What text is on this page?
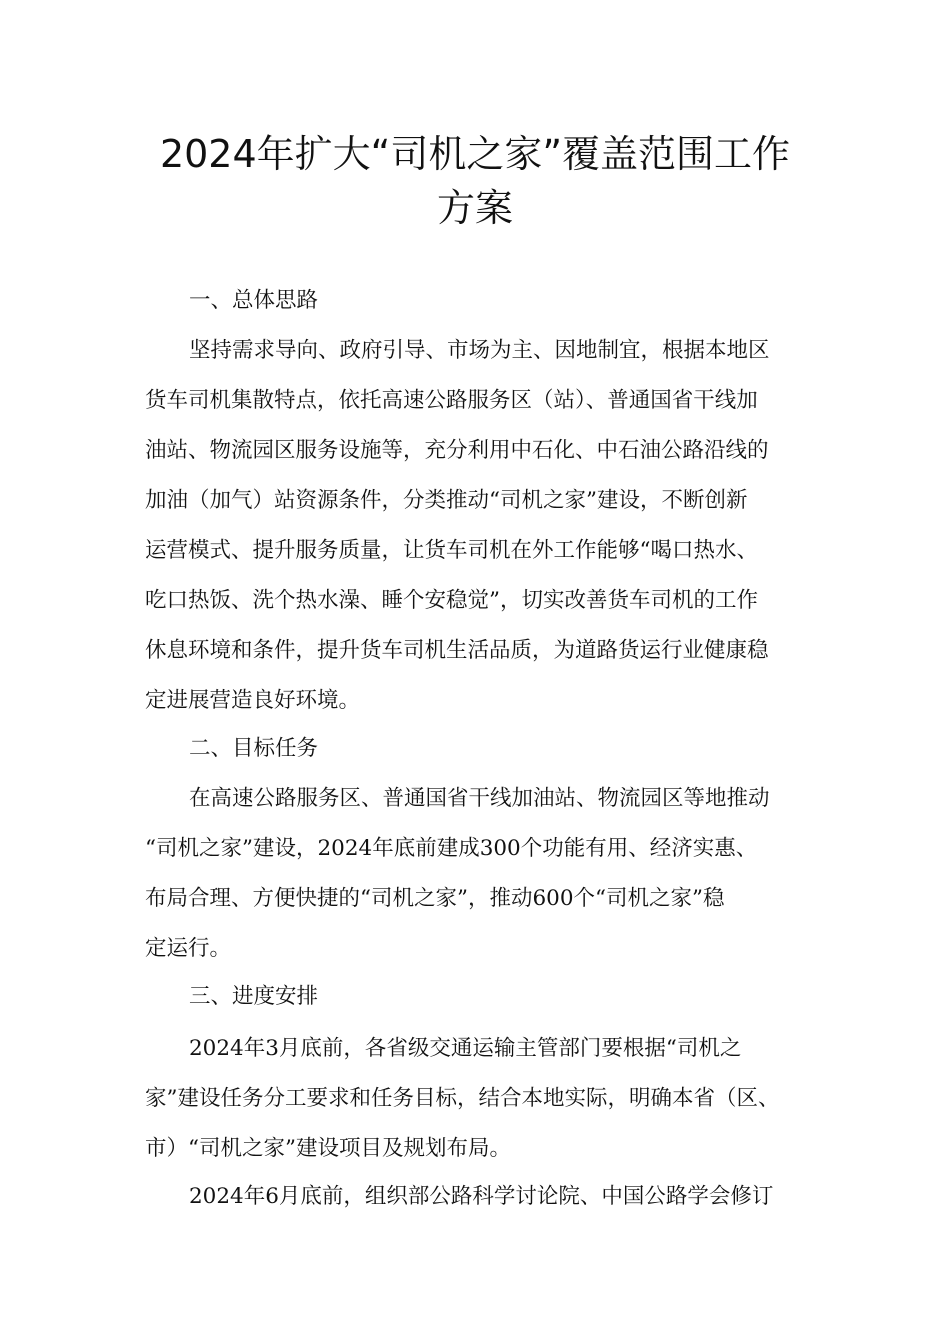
2024年扩大“司机之家”覆盖范围工作
方案
一、总体思路
坚持需求导向、政府引导、市场为主、因地制宜，根据本地区
货车司机集散特点，依托高速公路服务区（站）、普通国省干线加
油站、物流园区服务设施等，充分利用中石化、中石油公路沿线的
加油（加气）站资源条件，分类推动“司机之家”建设，不断创新
运营模式、提升服务质量，让货车司机在外工作能够“喝口热水、
吃口热饭、洗个热水澡、睡个安稳觉”，切实改善货车司机的工作
休息环境和条件，提升货车司机生活品质，为道路货运行业健康稳
定进展营造良好环境。
二、目标任务
在高速公路服务区、普通国省干线加油站、物流园区等地推动
“司机之家”建设，2024年底前建成300个功能有用、经济实惠、
布局合理、方便快捷的“司机之家”，推动600个“司机之家”稳
定运行。
三、进度安排
2024年3月底前，各省级交通运输主管部门要根据“司机之
家”建设任务分工要求和任务目标，结合本地实际，明确本省（区、
市）“司机之家”建设项目及规划布局。
2024年6月底前，组织部公路科学讨论院、中国公路学会修订
